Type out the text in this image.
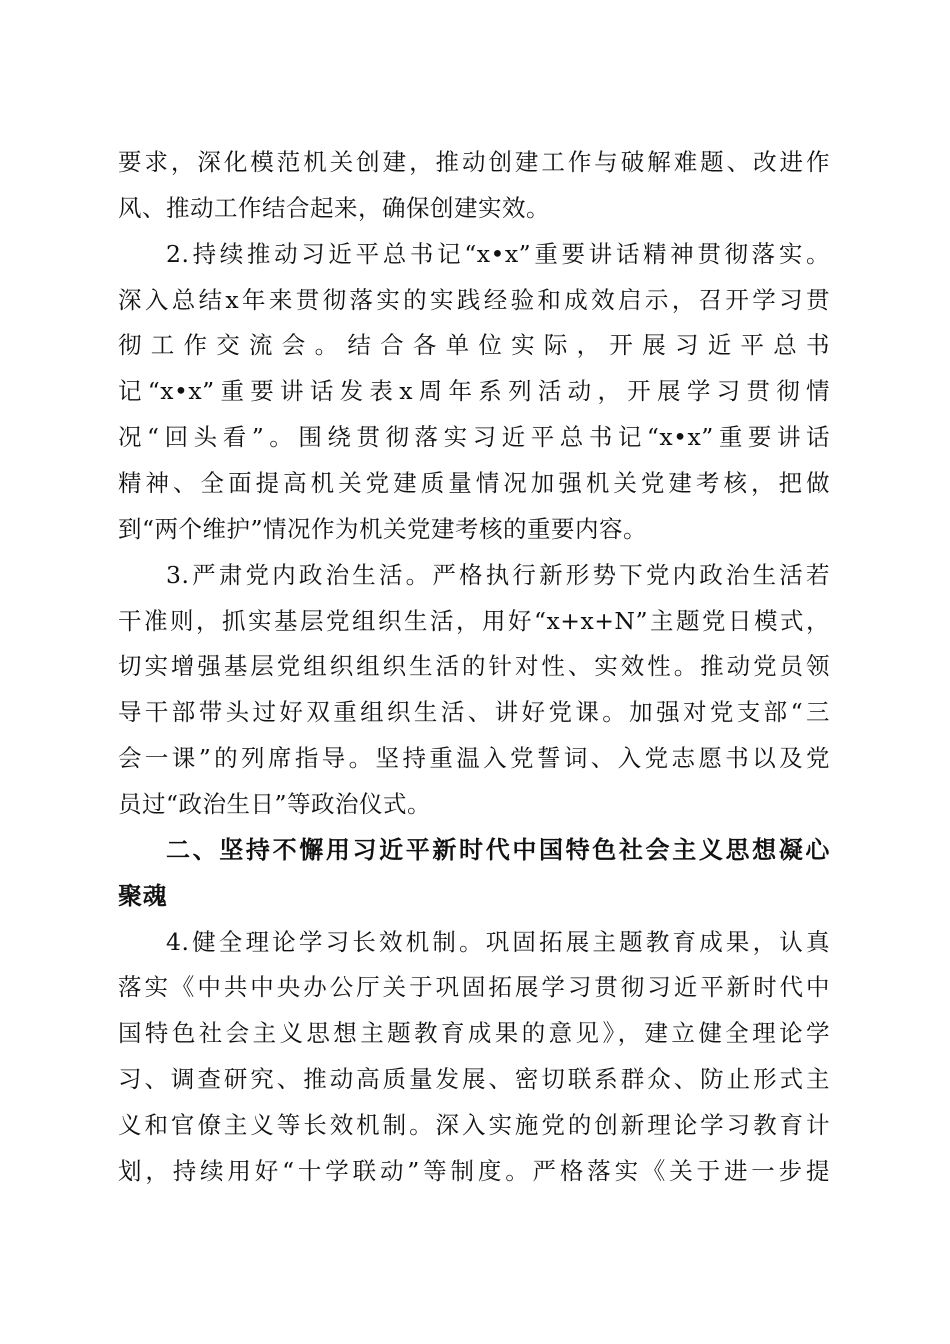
要求，深化模范机关创建，推动创建工作与破解难题、改进作
风、推动工作结合起来，确保创建实效。
2.持续推动习近平总书记“x•x”重要讲话精神贯彻落实。
深入总结x年来贯彻落实的实践经验和成效启示，召开学习贯
彻工作交流会。结合各单位实际，开展习近平总书
记“x•x”重要讲话发表x周年系列活动，开展学习贯彻情
况“回头看”。围绕贯彻落实习近平总书记“x•x”重要讲话
精神、全面提高机关党建质量情况加强机关党建考核，把做
到“两个维护”情况作为机关党建考核的重要内容。
3.严肃党内政治生活。严格执行新形势下党内政治生活若
干准则，抓实基层党组织生活，用好“x+x+N”主题党日模式，
切实增强基层党组织组织生活的针对性、实效性。推动党员领
导干部带头过好双重组织生活、讲好党课。加强对党支部“三
会一课”的列席指导。坚持重温入党誓词、入党志愿书以及党
员过“政治生日”等政治仪式。
二、坚持不懈用习近平新时代中国特色社会主义思想凝心
聚魂
4.健全理论学习长效机制。巩固拓展主题教育成果，认真
落实《中共中央办公厅关于巩固拓展学习贯彻习近平新时代中
国特色社会主义思想主题教育成果的意见》，建立健全理论学
习、调查研究、推动高质量发展、密切联系群众、防止形式主
义和官僚主义等长效机制。深入实施党的创新理论学习教育计
划，持续用好“十学联动”等制度。严格落实《关于进一步提
